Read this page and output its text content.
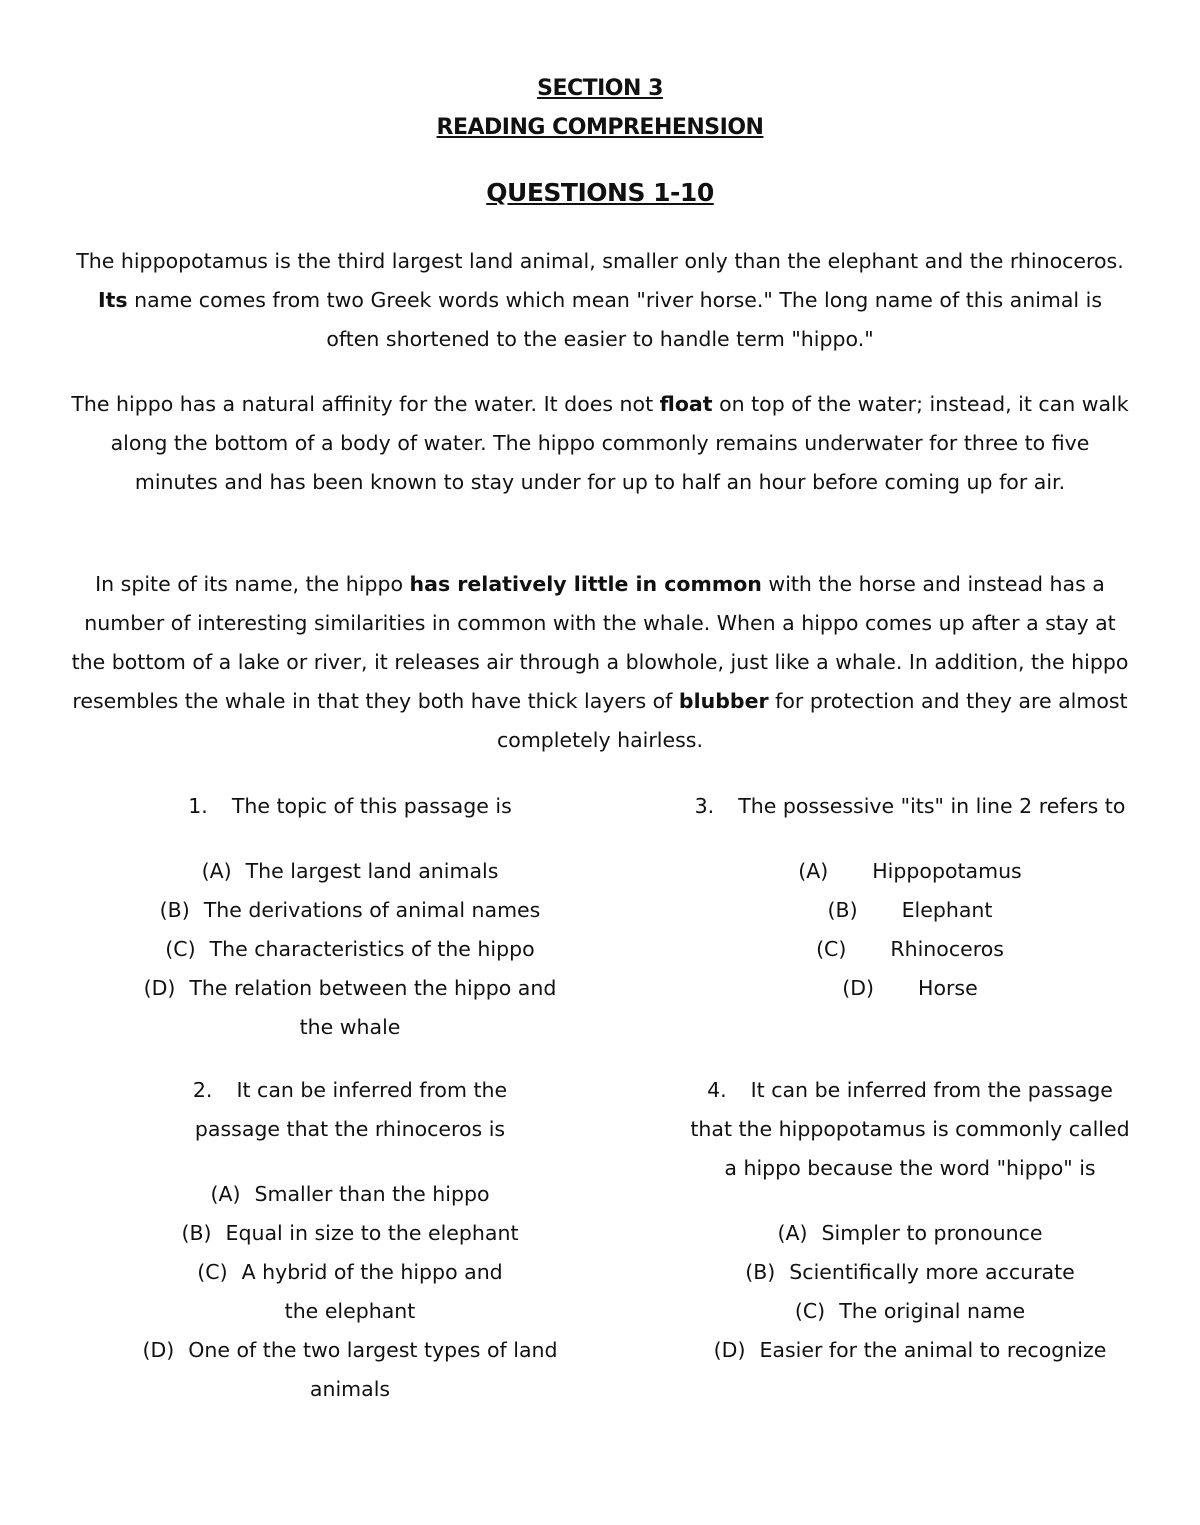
SECTION 3
READING COMPREHENSION
QUESTIONS 1-10

The hippopotamus is the third largest land animal, smaller only than the elephant and the rhinoceros. Its name comes from two Greek words which mean "river horse." The long name of this animal is often shortened to the easier to handle term "hippo."

The hippo has a natural affinity for the water. It does not float on top of the water; instead, it can walk along the bottom of a body of water. The hippo commonly remains underwater for three to five minutes and has been known to stay under for up to half an hour before coming up for air.

In spite of its name, the hippo has relatively little in common with the horse and instead has a number of interesting similarities in common with the whale. When a hippo comes up after a stay at the bottom of a lake or river, it releases air through a blowhole, just like a whale. In addition, the hippo resembles the whale in that they both have thick layers of blubber for protection and they are almost completely hairless.

1. The topic of this passage is
(A) The largest land animals
(B) The derivations of animal names
(C) The characteristics of the hippo
(D) The relation between the hippo and the whale
2. It can be inferred from the passage that the rhinoceros is
(A) Smaller than the hippo
(B) Equal in size to the elephant
(C) A hybrid of the hippo and the elephant
(D) One of the two largest types of land animals
3. The possessive "its" in line 2 refers to
(A) Hippopotamus
(B) Elephant
(C) Rhinoceros
(D) Horse
4. It can be inferred from the passage that the hippopotamus is commonly called a hippo because the word "hippo" is
(A) Simpler to pronounce
(B) Scientifically more accurate
(C) The original name
(D) Easier for the animal to recognize
